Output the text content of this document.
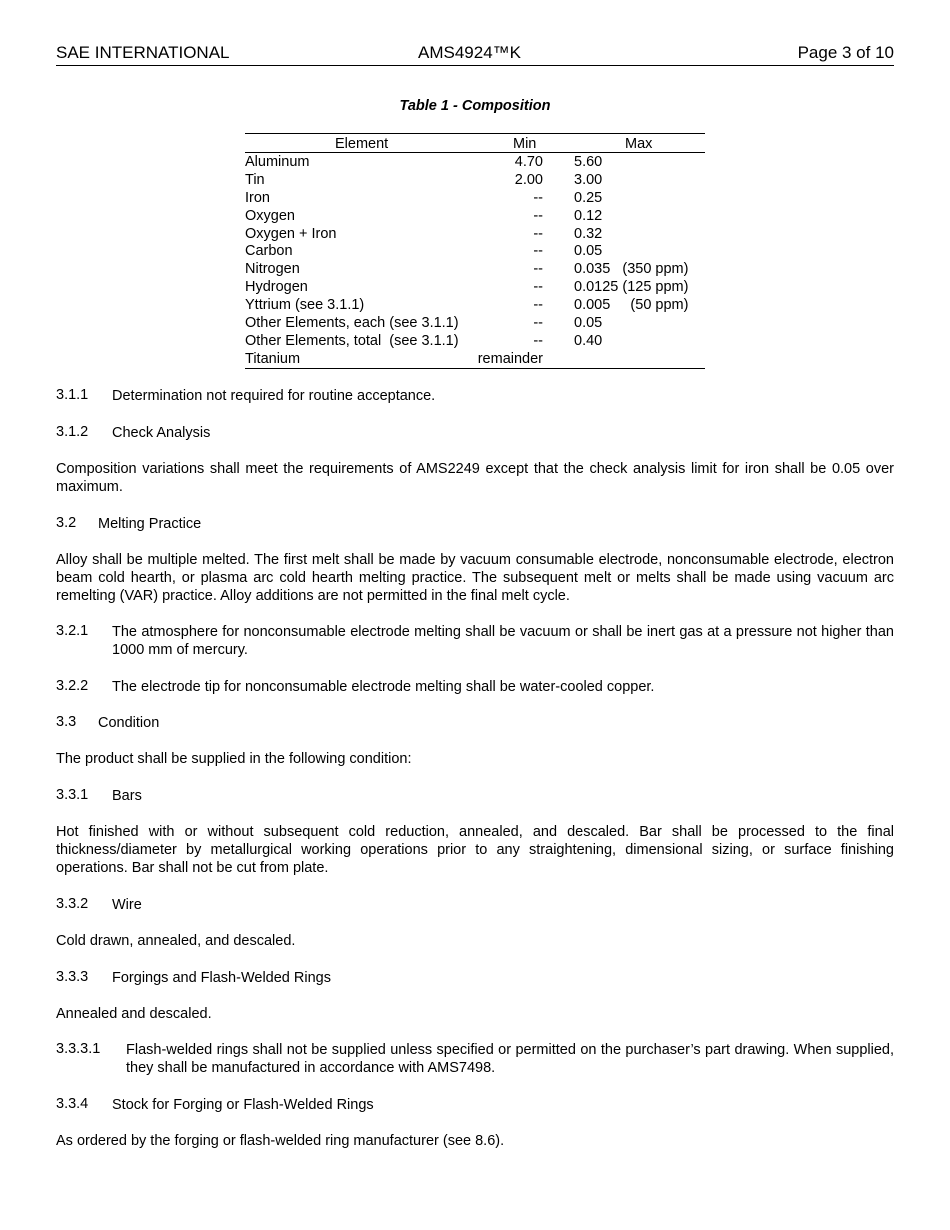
SAE INTERNATIONAL	AMS4924™K	Page 3 of 10
Table 1 - Composition
Element	Min	Max
Aluminum	4.70 5.60
Tin	2.00 3.00
Iron	-- 0.25
Oxygen	-- 0.12
Oxygen + Iron	-- 0.32
Carbon	-- 0.05
Nitrogen	-- 0.035   (350 ppm)
Hydrogen	-- 0.0125 (125 ppm)
Yttrium (see 3.1.1)	-- 0.005     (50 ppm)
Other Elements, each (see 3.1.1)	-- 0.05
Other Elements, total  (see 3.1.1)	-- 0.40
Titanium	remainder
3.1.1 Determination not required for routine acceptance.
3.1.2 Check Analysis
Composition variations shall meet the requirements of AMS2249 except that the check analysis limit for iron shall be 0.05 over maximum.
3.2 Melting Practice
Alloy shall be multiple melted. The first melt shall be made by vacuum consumable electrode, nonconsumable electrode, electron beam cold hearth, or plasma arc cold hearth melting practice. The subsequent melt or melts shall be made using vacuum arc remelting (VAR) practice. Alloy additions are not permitted in the final melt cycle.
3.2.1 The atmosphere for nonconsumable electrode melting shall be vacuum or shall be inert gas at a pressure not higher than 1000 mm of mercury.
3.2.2 The electrode tip for nonconsumable electrode melting shall be water-cooled copper.
3.3 Condition
The product shall be supplied in the following condition:
3.3.1 Bars
Hot finished with or without subsequent cold reduction, annealed, and descaled. Bar shall be processed to the final thickness/diameter by metallurgical working operations prior to any straightening, dimensional sizing, or surface finishing operations. Bar shall not be cut from plate.
3.3.2 Wire
Cold drawn, annealed, and descaled.
3.3.3 Forgings and Flash-Welded Rings
Annealed and descaled.
3.3.3.1 Flash-welded rings shall not be supplied unless specified or permitted on the purchaser’s part drawing. When supplied, they shall be manufactured in accordance with AMS7498.
3.3.4 Stock for Forging or Flash-Welded Rings
As ordered by the forging or flash-welded ring manufacturer (see 8.6).
